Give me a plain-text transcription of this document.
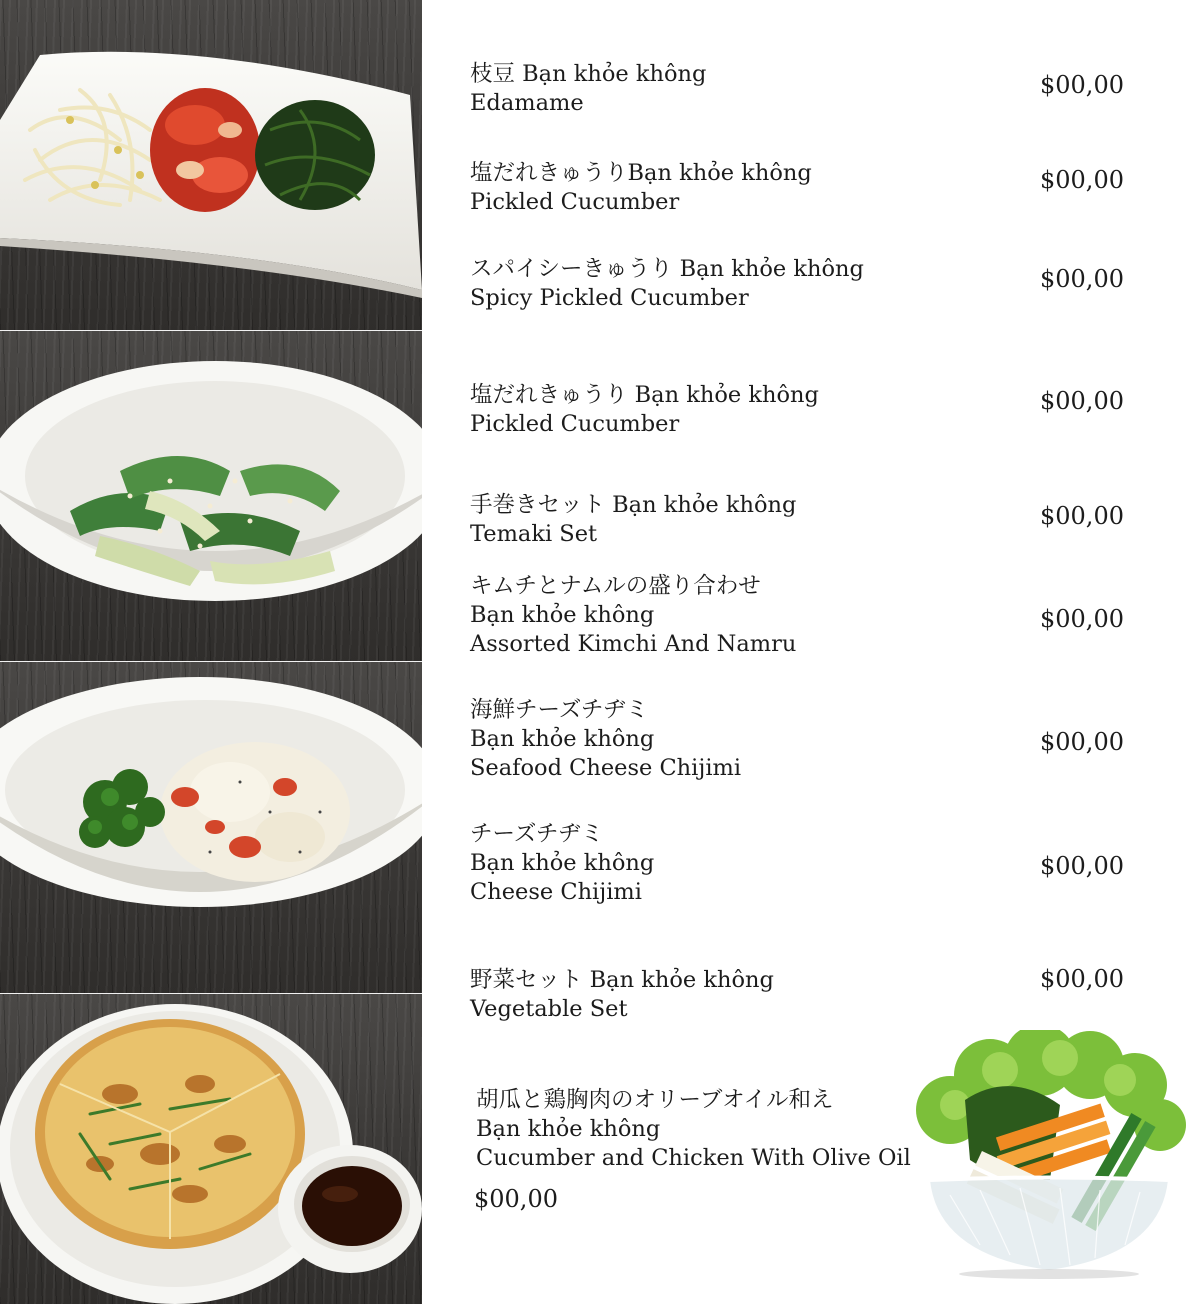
枝豆 Bạn khỏe không
Edamame
$00,00
塩だれきゅうりBạn khỏe không
Pickled Cucumber
$00,00
スパイシーきゅうり Bạn khỏe không
Spicy Pickled Cucumber
$00,00
塩だれきゅうり Bạn khỏe không
Pickled Cucumber
$00,00
手巻きセット Bạn khỏe không
Temaki Set
$00,00
キムチとナムルの盛り合わせ
Bạn khỏe không
Assorted Kimchi And Namru
$00,00
海鮮チーズチヂミ
Bạn khỏe không
Seafood Cheese Chijimi
$00,00
チーズチヂミ
Bạn khỏe không
Cheese Chijimi
$00,00
野菜セット Bạn khỏe không
Vegetable Set
$00,00
胡瓜と鶏胸肉のオリーブオイル和え
Bạn khỏe không
Cucumber and Chicken With Olive Oil
$00,00
